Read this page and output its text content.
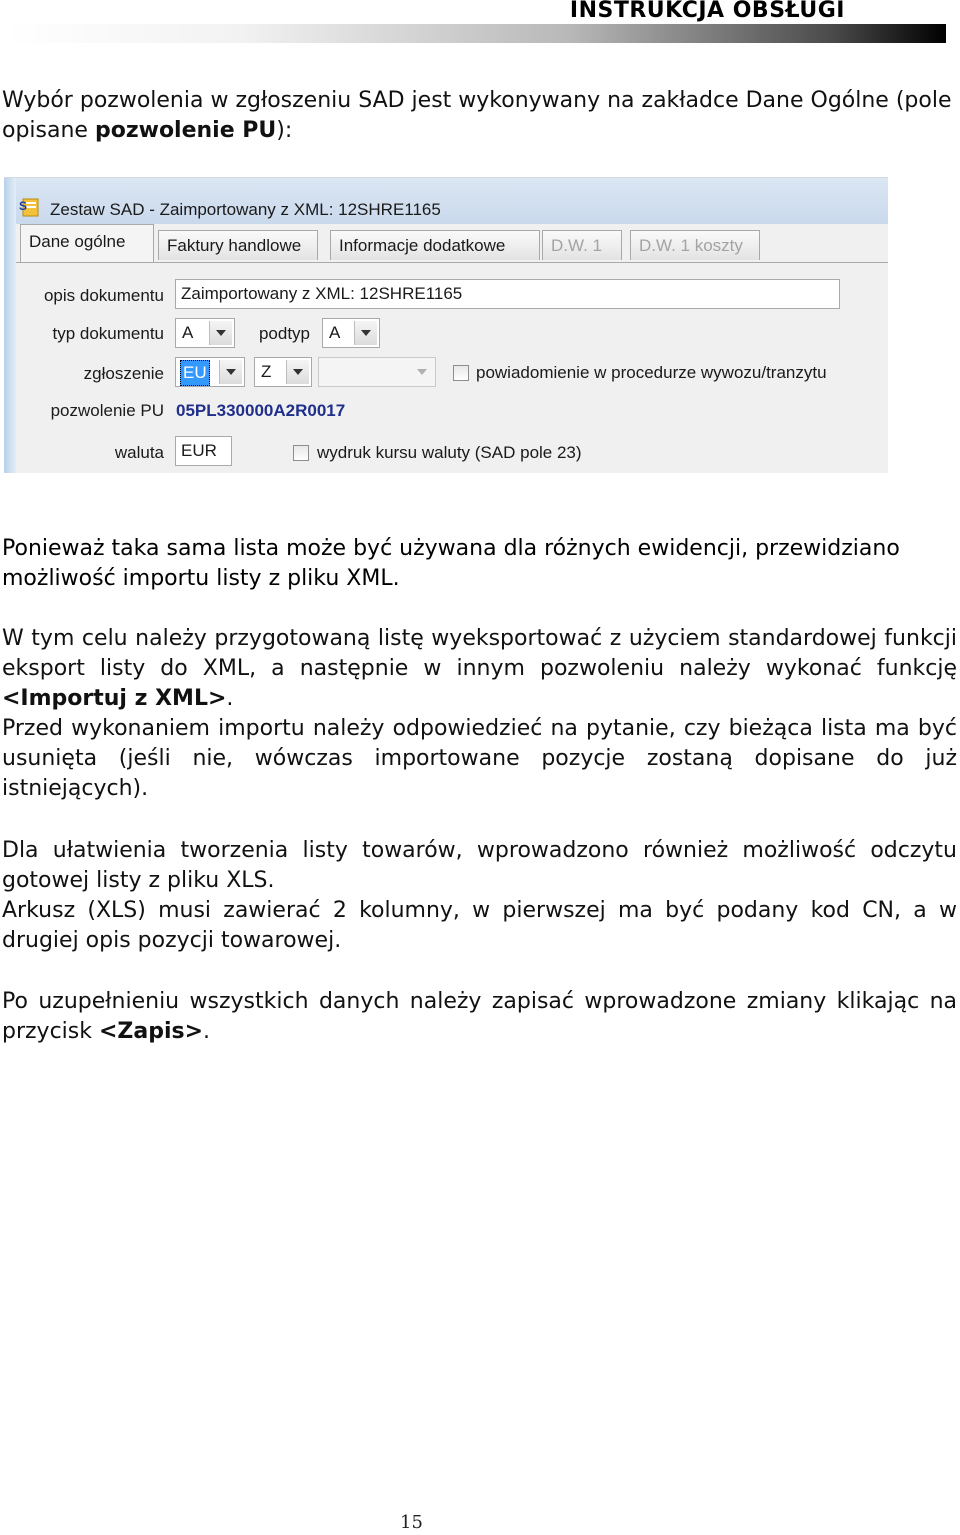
INSTRUKCJA OBSŁUGI
Wybór pozwolenia w zgłoszeniu SAD jest wykonywany na zakładce Dane Ogólne (pole opisane pozwolenie PU):
S Zestaw SAD - Zaimportowany z XML: 12SHRE1165
Dane ogólne	Faktury handlowe	Informacje dodatkowe	D.W. 1	D.W. 1 koszty
opis dokumentu	Zaimportowany z XML: 12SHRE1165
typ dokumentu A	podtyp A
zgłoszenie EU	Z	powiadomienie w procedurze wywozu/tranzytu
pozwolenie PU 05PL330000A2R0017
waluta	EUR	wydruk kursu waluty (SAD pole 23)
Ponieważ taka sama lista może być używana dla różnych ewidencji, przewidziano możliwość importu listy z pliku XML.
W tym celu należy przygotowaną listę wyeksportować z użyciem standardowej funkcji eksport listy do XML, a następnie w innym pozwoleniu należy wykonać funkcję <Importuj z XML>.
Przed wykonaniem importu należy odpowiedzieć na pytanie, czy bieżąca lista ma być usunięta (jeśli nie, wówczas importowane pozycje zostaną dopisane do już istniejących).
Dla ułatwienia tworzenia listy towarów, wprowadzono również możliwość odczytu gotowej listy z pliku XLS.
Arkusz (XLS) musi zawierać 2 kolumny, w pierwszej ma być podany kod CN, a w drugiej opis pozycji towarowej.
Po uzupełnieniu wszystkich danych należy zapisać wprowadzone zmiany klikając na przycisk <Zapis>.
15
